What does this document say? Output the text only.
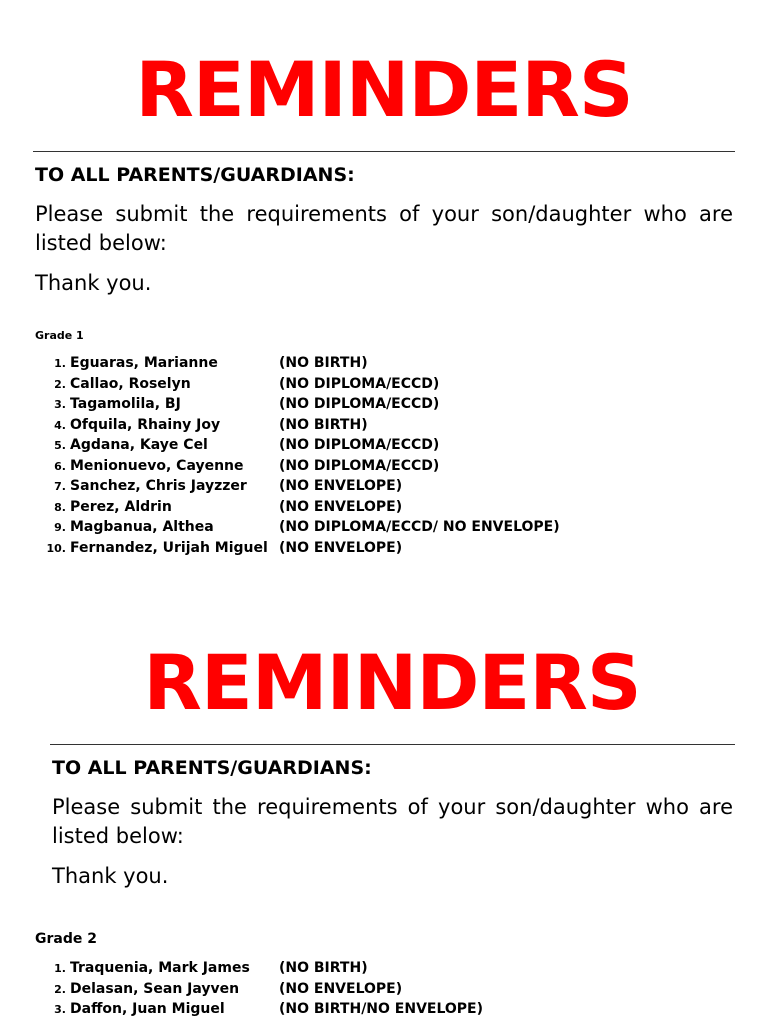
REMINDERS
TO ALL PARENTS/GUARDIANS:
Please submit the requirements of your son/daughter who are listed below:
Thank you.
Grade 1
1. Eguaras, Marianne	(NO BIRTH)
2. Callao, Roselyn	(NO DIPLOMA/ECCD)
3. Tagamolila, BJ	(NO DIPLOMA/ECCD)
4. Ofquila, Rhainy Joy	(NO BIRTH)
5. Agdana, Kaye Cel	(NO DIPLOMA/ECCD)
6. Menionuevo, Cayenne	(NO DIPLOMA/ECCD)
7. Sanchez, Chris Jayzzer (NO ENVELOPE)
8. Perez, Aldrin	(NO ENVELOPE)
9. Magbanua, Althea	(NO DIPLOMA/ECCD/ NO ENVELOPE)
10. Fernandez, Urijah Miguel (NO ENVELOPE)
REMINDERS
TO ALL PARENTS/GUARDIANS:
Please submit the requirements of your son/daughter who are listed below:
Thank you.
Grade 2
1. Traquenia, Mark James (NO BIRTH)
2. Delasan, Sean Jayven	(NO ENVELOPE)
3. Daffon, Juan Miguel	(NO BIRTH/NO ENVELOPE)
